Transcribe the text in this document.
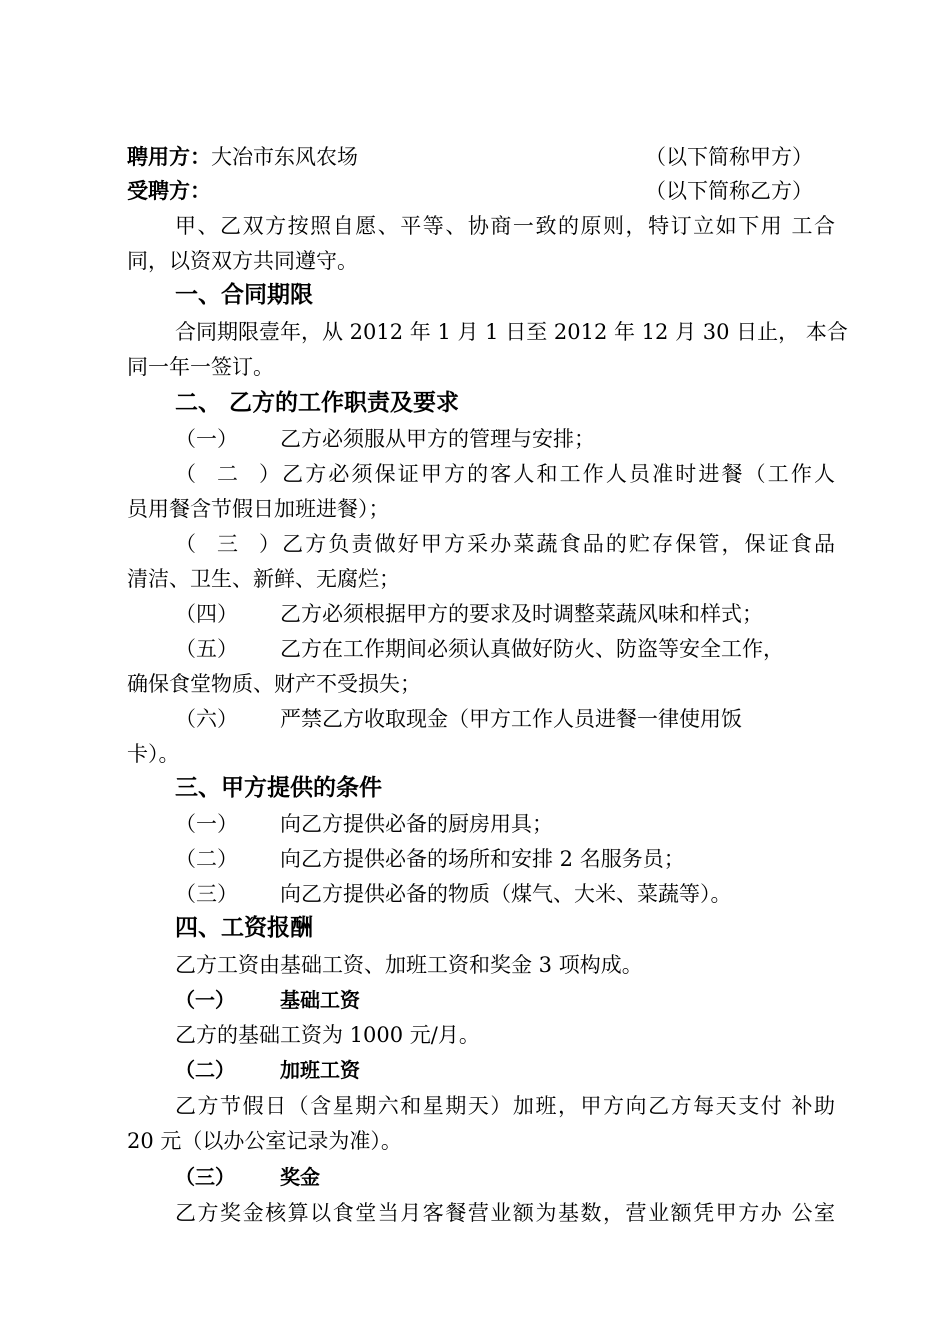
聘用方：大冶市东风农场	（以下简称甲方）
受聘方：	（以下简称乙方）
甲、乙双方按照自愿、平等、协商一致的原则，特订立如下用 工合
同，以资双方共同遵守。
一、合同期限
合同期限壹年，从 2012 年 1 月 1 日至 2012 年 12 月 30 日止， 本合
同一年一签订。
二、 乙方的工作职责及要求
（一） 乙方必须服从甲方的管理与安排；
（二）乙方必须保证甲方的客人和工作人员准时进餐（工作人
员用餐含节假日加班进餐）；
（三）乙方负责做好甲方采办菜蔬食品的贮存保管，保证食品
清洁、卫生、新鲜、无腐烂；
（四） 乙方必须根据甲方的要求及时调整菜蔬风味和样式；
（五） 乙方在工作期间必须认真做好防火、防盗等安全工作，
确保食堂物质、财产不受损失；
（六） 严禁乙方收取现金（甲方工作人员进餐一律使用饭
卡）。
三、甲方提供的条件
（一） 向乙方提供必备的厨房用具；
（二） 向乙方提供必备的场所和安排 2 名服务员；
（三） 向乙方提供必备的物质（煤气、大米、菜蔬等）。
四、工资报酬
乙方工资由基础工资、加班工资和奖金 3 项构成。
（一） 基础工资
乙方的基础工资为 1000 元/月。
（二） 加班工资
乙方节假日（含星期六和星期天）加班，甲方向乙方每天支付 补助
20 元（以办公室记录为准）。
（三） 奖金
乙方奖金核算以食堂当月客餐营业额为基数，营业额凭甲方办 公室
